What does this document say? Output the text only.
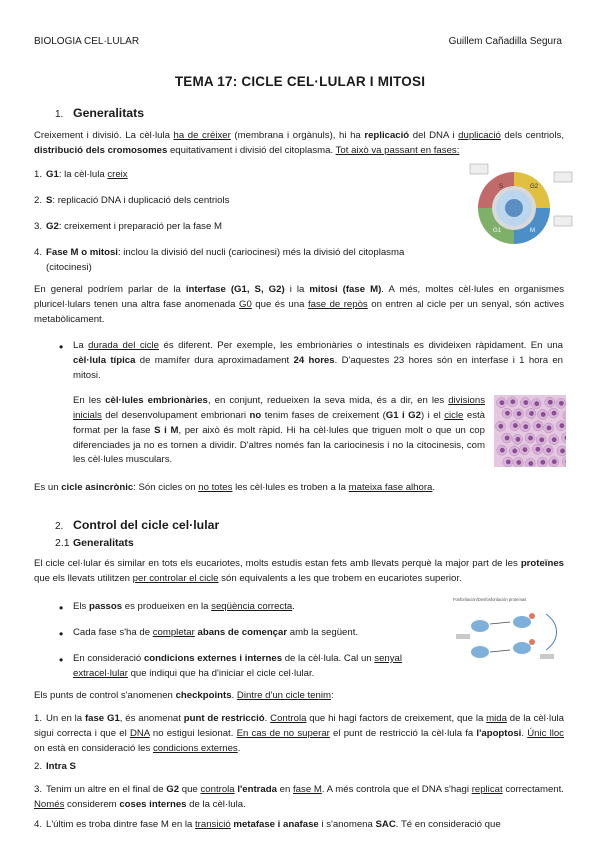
BIOLOGIA CEL·LULAR	Guillem Cañadilla Segura
TEMA 17: CICLE CEL·LULAR I MITOSI
1. Generalitats
Creixement i divisió. La cèl·lula ha de créixer (membrana i orgànuls), hi ha replicació del DNA i duplicació dels centriols, distribució dels cromosomes equitativament i divisió del citoplasma. Tot això va passant en fases:
1. G1: la cèl·lula creix
2. S: replicació DNA i duplicació dels centriols
3. G2: creixement i preparació per la fase M
4. Fase M o mitosi: inclou la divisió del nucli (cariocinesi) més la divisió del citoplasma
(citocinesi)
S	G2
M
G1
En general podríem parlar de la interfase (G1, S, G2) i la mitosi (fase M). A més, moltes cèl·lules en organismes pluricel·lulars tenen una altra fase anomenada G0 que és una fase de repòs on entren al cicle per un senyal, són actives metabòlicament.
• La durada del cicle és diferent. Per exemple, les embrionàries o intestinals es divideixen ràpidament. En una cèl·lula típica de mamífer dura aproximadament 24 hores. D'aquestes 23 hores són en interfase i 1 hora en mitosi.
En les cèl·lules embrionàries, en conjunt, redueixen la seva mida, és a dir, en les divisions inicials del desenvolupament embrionari no tenim fases de creixement (G1 i G2) i el cicle està format per la fase S i M, per això és molt ràpid. Hi ha cèl·lules que triguen molt o que un cop diferenciades ja no es tornen a dividir. D'altres només fan la cariocinesis i no la citocinesis, com les cèl·lules musculars.
Es un cicle asincrònic: Són cicles on no totes les cèl·lules es troben a la mateixa fase alhora.
2. Control del cicle cel·lular
2.1 Generalitats
El cicle cel·lular és similar en tots els eucariotes, molts estudis estan fets amb llevats perquè la major part de les proteïnes que els llevats utilitzen per controlar el cicle són equivalents a les que trobem en eucariotes superior.
• Els passos es produeixen en la seqüència correcta.
• Cada fase s'ha de completar abans de començar amb la següent.
• En consideració condicions externes i internes de la cèl·lula. Cal un senyal
extracel·lular que indiqui que ha d'iniciar el cicle cel·lular.
Fosforilación/Desfosforilación proteínas
Els punts de control s'anomenen checkpoints. Dintre d'un cicle tenim:
1. Un en la fase G1, és anomenat punt de restricció. Controla que hi hagi factors de creixement, que la mida de la cèl·lula sigui correcta i que el DNA no estigui lesionat. En cas de no superar el punt de restricció la cèl·lula fa l'apoptosi. Únic lloc on està en consideració les condicions externes.
2. Intra S
3. Tenim un altre en el final de G2 que controla l'entrada en fase M. A més controla que el DNA s'hagi replicat correctament. Només considerem coses internes de la cèl·lula.
4. L'últim es troba dintre fase M en la transició metafase i anafase i s'anomena SAC. Té en consideració que
